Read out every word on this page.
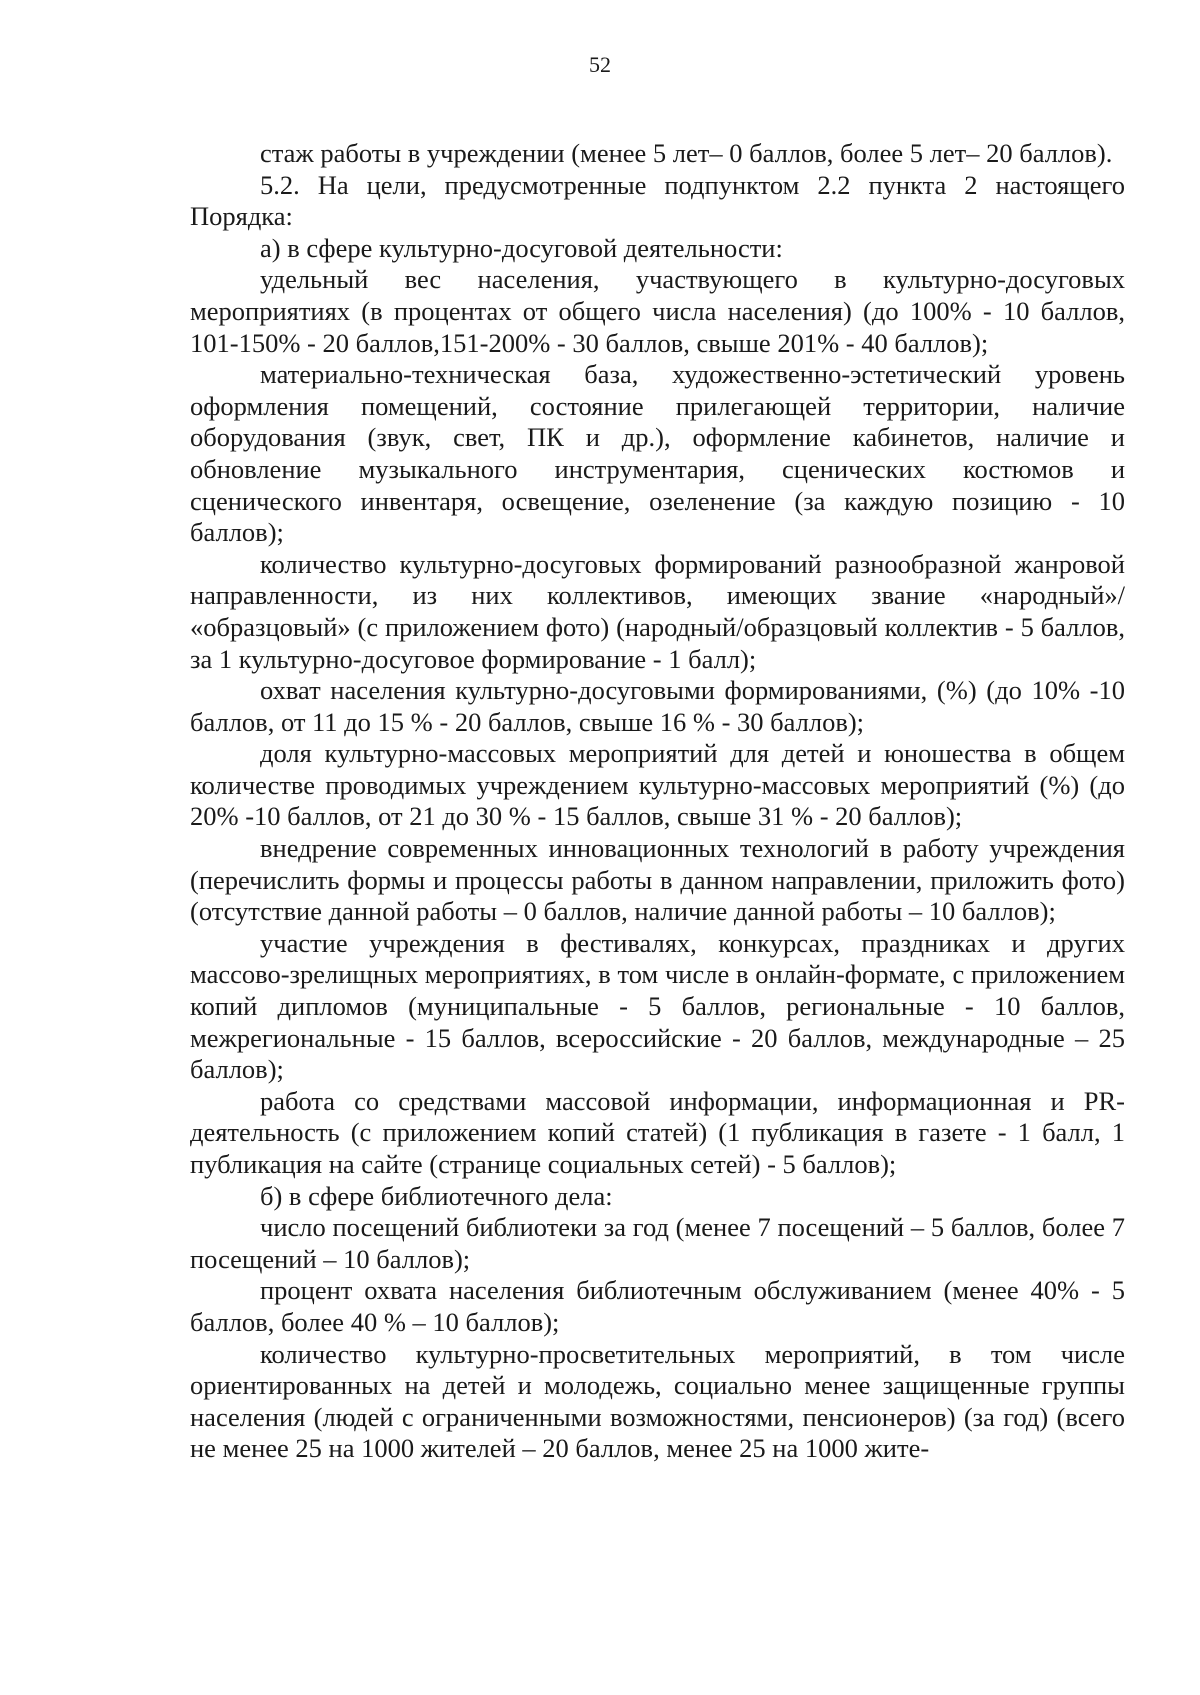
52

стаж работы в учреждении (менее 5 лет– 0 баллов, более 5 лет– 20 баллов).

5.2. На цели, предусмотренные подпунктом 2.2 пункта 2 настоящего Порядка:

а) в сфере культурно-досуговой деятельности:

удельный вес населения, участвующего в культурно-досуговых мероприятиях (в процентах от общего числа населения) (до 100% - 10 баллов, 101-150% - 20 баллов,151-200% - 30 баллов, свыше 201% - 40 баллов);

материально-техническая база, художественно-эстетический уровень оформления помещений, состояние прилегающей территории, наличие оборудования (звук, свет, ПК и др.), оформление кабинетов, наличие и обновление музыкального инструментария, сценических костюмов и сценического инвентаря, освещение, озеленение (за каждую позицию - 10 баллов);

количество культурно-досуговых формирований разнообразной жанровой направленности, из них коллективов, имеющих звание «народный»/ «образцовый» (с приложением фото) (народный/образцовый коллектив - 5 баллов, за 1 культурно-досуговое формирование - 1 балл);

охват населения культурно-досуговыми формированиями, (%) (до 10% -10 баллов, от 11 до 15 % - 20 баллов, свыше 16 % - 30 баллов);

доля культурно-массовых мероприятий для детей и юношества в общем количестве проводимых учреждением культурно-массовых мероприятий (%) (до 20% -10 баллов, от 21 до 30 % - 15 баллов, свыше 31 % - 20 баллов);

внедрение современных инновационных технологий в работу учреждения (перечислить формы и процессы работы в данном направлении, приложить фото) (отсутствие данной работы – 0 баллов, наличие данной работы – 10 баллов);

участие учреждения в фестивалях, конкурсах, праздниках и других массово-зрелищных мероприятиях, в том числе в онлайн-формате, с приложением копий дипломов (муниципальные - 5 баллов, региональные - 10 баллов, межрегиональные - 15 баллов, всероссийские - 20 баллов, международные – 25 баллов);

работа со средствами массовой информации, информационная и PR-деятельность (с приложением копий статей) (1 публикация в газете - 1 балл, 1 публикация на сайте (странице социальных сетей) - 5 баллов);

б) в сфере библиотечного дела:

число посещений библиотеки за год (менее 7 посещений – 5 баллов, более 7 посещений – 10 баллов);

процент охвата населения библиотечным обслуживанием (менее 40% - 5 баллов, более 40 % – 10 баллов);

количество культурно-просветительных мероприятий, в том числе ориентированных на детей и молодежь, социально менее защищенные группы населения (людей с ограниченными возможностями, пенсионеров) (за год) (всего не менее 25 на 1000 жителей – 20 баллов, менее 25 на 1000 жите-
